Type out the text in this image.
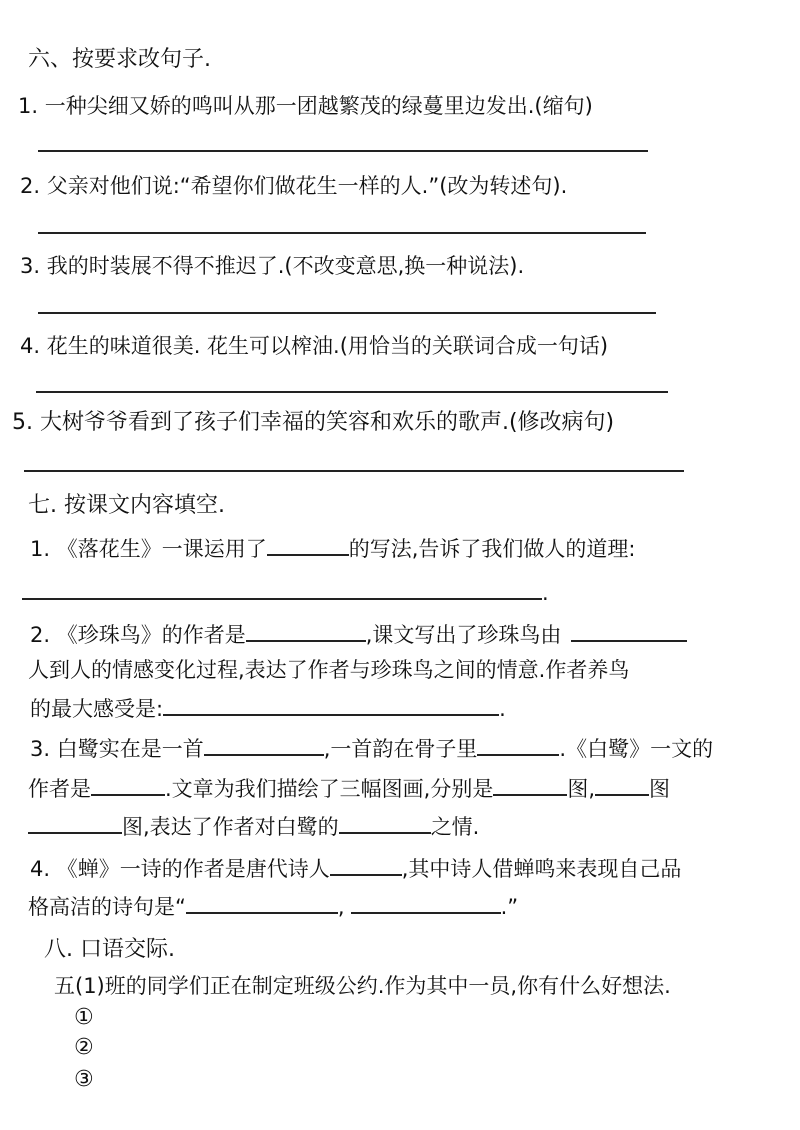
六、按要求改句子.
1. 一种尖细又娇的鸣叫从那一团越繁茂的绿蔓里边发出.(缩句)
2. 父亲对他们说:“希望你们做花生一样的人.”(改为转述句).
3. 我的时装展不得不推迟了.(不改变意思,换一种说法).
4. 花生的味道很美. 花生可以榨油.(用恰当的关联词合成一句话)
5. 大树爷爷看到了孩子们幸福的笑容和欢乐的歌声.(修改病句)
七. 按课文内容填空.
1. 《落花生》一课运用了	的写法,告诉了我们做人的道理:
.
2. 《珍珠鸟》的作者是	,课文写出了珍珠鸟由
人到人的情感变化过程,表达了作者与珍珠鸟之间的情意.作者养鸟
的最大感受是:	.
3. 白鹭实在是一首	,一首韵在骨子里	.《白鹭》一文的
作者是	.文章为我们描绘了三幅图画,分别是	图,	图
图,表达了作者对白鹭的	之情.
4. 《蝉》一诗的作者是唐代诗人	,其中诗人借蝉鸣来表现自己品
格高洁的诗句是“	,	.”
八. 口语交际.
五(1)班的同学们正在制定班级公约.作为其中一员,你有什么好想法.
①
②
③
